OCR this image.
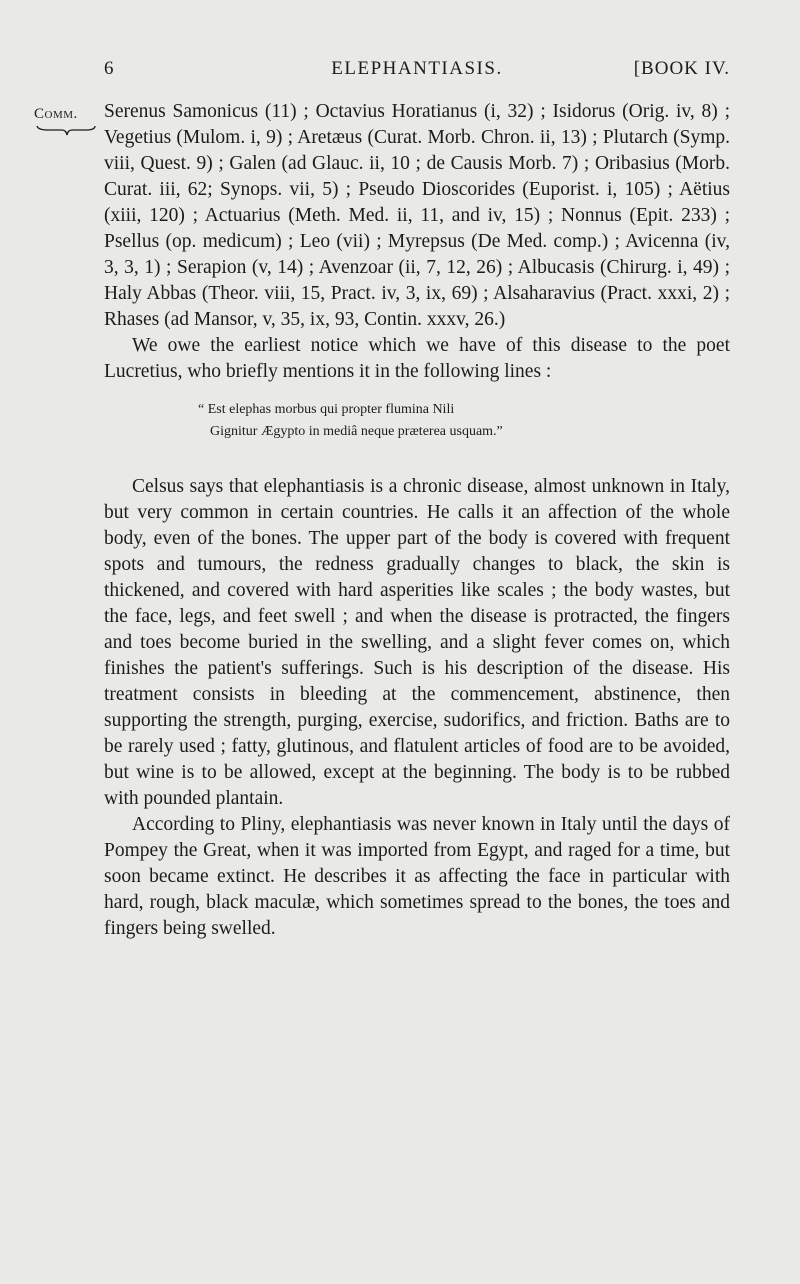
6	ELEPHANTIASIS.	[BOOK IV.
Comm.	Serenus Samonicus (11) ; Octavius Horatianus (i, 32) ; Isidorus (Orig. iv, 8) ; Vegetius (Mulom. i, 9) ; Aretæus (Curat. Morb. Chron. ii, 13) ; Plutarch (Symp. viii, Quest. 9) ; Galen (ad Glauc. ii, 10 ; de Causis Morb. 7) ; Oribasius (Morb. Curat. iii, 62; Synops. vii, 5) ; Pseudo Dioscorides (Euporist. i, 105) ; Aëtius (xiii, 120) ; Actuarius (Meth. Med. ii, 11, and iv, 15) ; Nonnus (Epit. 233) ; Psellus (op. medicum) ; Leo (vii) ; Myrepsus (De Med. comp.) ; Avicenna (iv, 3, 3, 1) ; Serapion (v, 14) ; Avenzoar (ii, 7, 12, 26) ; Albucasis (Chirurg. i, 49) ; Haly Abbas (Theor. viii, 15, Pract. iv, 3, ix, 69) ; Alsaharavius (Pract. xxxi, 2) ; Rhases (ad Mansor, v, 35, ix, 93, Contin. xxxv, 26.)

We owe the earliest notice which we have of this disease to the poet Lucretius, who briefly mentions it in the following lines :

“ Est elephas morbus qui propter flumina Nili
Gignitur Ægypto in mediâ neque præterea usquam.”

Celsus says that elephantiasis is a chronic disease, almost unknown in Italy, but very common in certain countries. He calls it an affection of the whole body, even of the bones. The upper part of the body is covered with frequent spots and tumours, the redness gradually changes to black, the skin is thickened, and covered with hard asperities like scales ; the body wastes, but the face, legs, and feet swell ; and when the disease is protracted, the fingers and toes become buried in the swelling, and a slight fever comes on, which finishes the patient's sufferings. Such is his description of the disease. His treatment consists in bleeding at the commencement, abstinence, then supporting the strength, purging, exercise, sudorifics, and friction. Baths are to be rarely used ; fatty, glutinous, and flatulent articles of food are to be avoided, but wine is to be allowed, except at the beginning. The body is to be rubbed with pounded plantain.

According to Pliny, elephantiasis was never known in Italy until the days of Pompey the Great, when it was imported from Egypt, and raged for a time, but soon became extinct. He describes it as affecting the face in particular with hard, rough, black maculæ, which sometimes spread to the bones, the toes and fingers being swelled.
